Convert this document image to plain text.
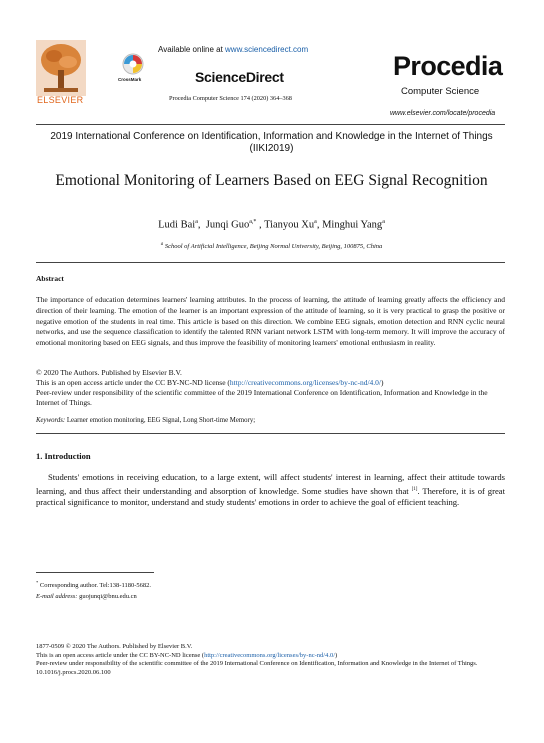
ELSEVIER
Available online at www.sciencedirect.com
CrossMark	ScienceDirect
Procedia Computer Science 174 (2020) 364–368
Procedia
Computer Science
www.elsevier.com/locate/procedia
2019 International Conference on Identification, Information and Knowledge in the Internet of Things (IIKI2019)
Emotional Monitoring of Learners Based on EEG Signal Recognition
Ludi Bai$^a$,  Junqi Guo$^{a,*}$ , Tianyou Xu$^a$, Minghui Yang$^a$
$^a$ School of Artificial Intelligence, Beijing Normal University, Beijing, 100875, China
Abstract

The importance of education determines learners' learning attributes. In the process of learning, the attitude of learning greatly affects the efficiency and direction of their learning. The emotion of the learner is an important expression of the attitude of learning, so it is very practical to grasp the positive or negative emotion of the students in real time. This article is based on this direction. We combine EEG signals, emotion detection and RNN cyclic neural networks, and use the sequence classification to identify the talented RNN variant network LSTM with long-term memory. It will improve the accuracy of emotional monitoring based on EEG signals, and thus improve the feasibility of monitoring learners' emotional enthusiasm in reality.

© 2020 The Authors. Published by Elsevier B.V.
This is an open access article under the CC BY-NC-ND license (http://creativecommons.org/licenses/by-nc-nd/4.0/)
Peer-review under responsibility of the scientific committee of the 2019 International Conference on Identification, Information and Knowledge in the Internet of Things.
Keywords: Learner emotion monitoring, EEG Signal, Long Short-time Memory;
1. Introduction

Students' emotions in receiving education, to a large extent, will affect students' interest in learning, affect their attitude towards learning, and thus affect their understanding and absorption of knowledge. Some studies have shown that [1]. Therefore, it is of great practical significance to monitor, understand and study students' emotions in order to achieve the goal of efficient teaching.

* Corresponding author. Tel:138-1180-5682.
E-mail address: guojunqi@bnu.edu.cn
1877-0509 © 2020 The Authors. Published by Elsevier B.V.
This is an open access article under the CC BY-NC-ND license (http://creativecommons.org/licenses/by-nc-nd/4.0/)
Peer-review under responsibility of the scientific committee of the 2019 International Conference on Identification, Information and Knowledge in the Internet of Things.
10.1016/j.procs.2020.06.100
